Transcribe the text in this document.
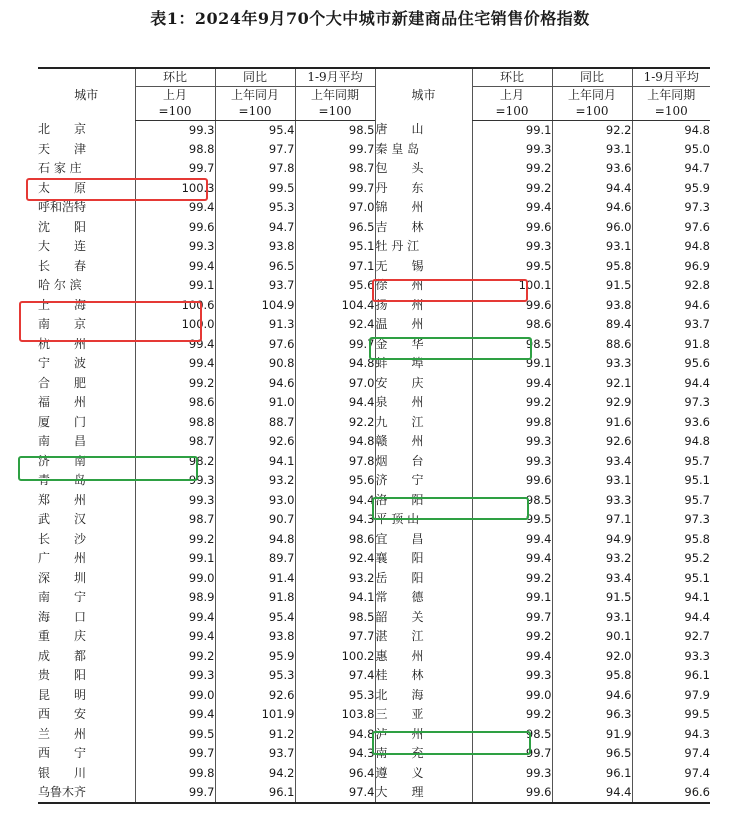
表1：2024年9月70个大中城市新建商品住宅销售价格指数
城市	环比	同比	1-9月平均	城市	环比	同比	1-9月平均
	上月	上年同月	上年同期		上月	上年同月	上年同期
	=100	=100	=100		=100	=100	=100
北　　京	99.3	95.4	98.5	唐　　山	99.1	92.2	94.8
天　　津	98.8	97.7	99.7	秦 皇 岛	99.3	93.1	95.0
石 家 庄	99.7	97.8	98.7	包　　头	99.2	93.6	94.7
太　　原	100.3	99.5	99.7	丹　　东	99.2	94.4	95.9
呼和浩特	99.4	95.3	97.0	锦　　州	99.4	94.6	97.3
沈　　阳	99.6	94.7	96.5	吉　　林	99.6	96.0	97.6
大　　连	99.3	93.8	95.1	牡 丹 江	99.3	93.1	94.8
长　　春	99.4	96.5	97.1	无　　锡	99.5	95.8	96.9
哈 尔 滨	99.1	93.7	95.6	徐　　州	100.1	91.5	92.8
上　　海	100.6	104.9	104.4	扬　　州	99.6	93.8	94.6
南　　京	100.0	91.3	92.4	温　　州	98.6	89.4	93.7
杭　　州	99.4	97.6	99.7	金　　华	98.5	88.6	91.8
宁　　波	99.4	90.8	94.8	蚌　　埠	99.1	93.3	95.6
合　　肥	99.2	94.6	97.0	安　　庆	99.4	92.1	94.4
福　　州	98.6	91.0	94.4	泉　　州	99.2	92.9	97.3
厦　　门	98.8	88.7	92.2	九　　江	99.8	91.6	93.6
南　　昌	98.7	92.6	94.8	赣　　州	99.3	92.6	94.8
济　　南	98.2	94.1	97.8	烟　　台	99.3	93.4	95.7
青　　岛	99.3	93.2	95.6	济　　宁	99.6	93.1	95.1
郑　　州	99.3	93.0	94.4	洛　　阳	98.5	93.3	95.7
武　　汉	98.7	90.7	94.3	平 顶 山	99.5	97.1	97.3
长　　沙	99.2	94.8	98.6	宜　　昌	99.4	94.9	95.8
广　　州	99.1	89.7	92.4	襄　　阳	99.4	93.2	95.2
深　　圳	99.0	91.4	93.2	岳　　阳	99.2	93.4	95.1
南　　宁	98.9	91.8	94.1	常　　德	99.1	91.5	94.1
海　　口	99.4	95.4	98.5	韶　　关	99.7	93.1	94.4
重　　庆	99.4	93.8	97.7	湛　　江	99.2	90.1	92.7
成　　都	99.2	95.9	100.2	惠　　州	99.4	92.0	93.3
贵　　阳	99.3	95.3	97.4	桂　　林	99.3	95.8	96.1
昆　　明	99.0	92.6	95.3	北　　海	99.0	94.6	97.9
西　　安	99.4	101.9	103.8	三　　亚	99.2	96.3	99.5
兰　　州	99.5	91.2	94.8	泸　　州	98.5	91.9	94.3
西　　宁	99.7	93.7	94.3	南　　充	99.7	96.5	97.4
银　　川	99.8	94.2	96.4	遵　　义	99.3	96.1	97.4
乌鲁木齐	99.7	96.1	97.4	大　　理	99.6	94.4	96.6
